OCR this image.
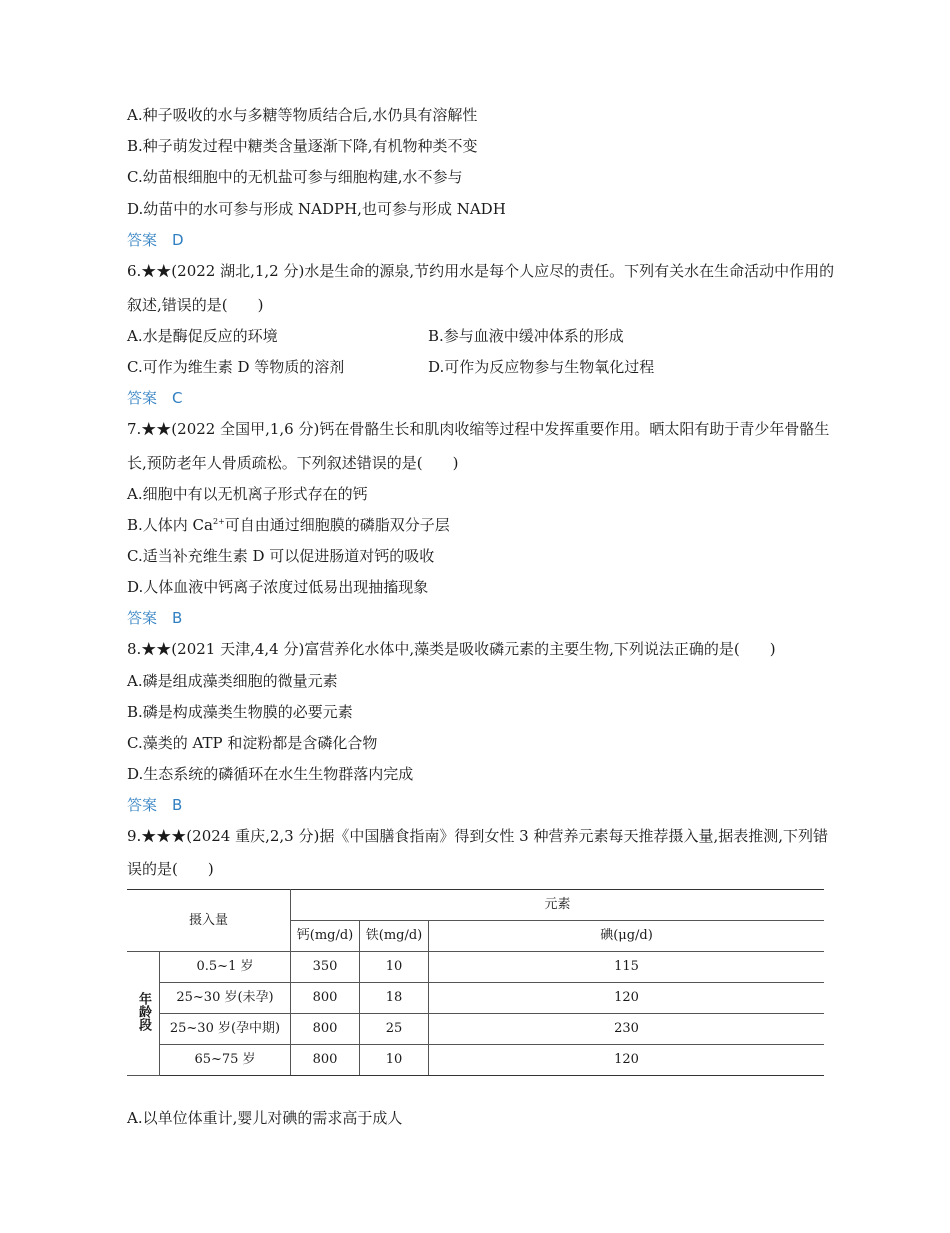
A.种子吸收的水与多糖等物质结合后,水仍具有溶解性
B.种子萌发过程中糖类含量逐渐下降,有机物种类不变
C.幼苗根细胞中的无机盐可参与细胞构建,水不参与
D.幼苗中的水可参与形成 NADPH,也可参与形成 NADH
答案　D
6.★★(2022 湖北,1,2 分)水是生命的源泉,节约用水是每个人应尽的责任。下列有关水在生命活动中作用的
叙述,错误的是(　　)
A.水是酶促反应的环境	B.参与血液中缓冲体系的形成
C.可作为维生素 D 等物质的溶剂	D.可作为反应物参与生物氧化过程
答案　C
7.★★(2022 全国甲,1,6 分)钙在骨骼生长和肌肉收缩等过程中发挥重要作用。晒太阳有助于青少年骨骼生
长,预防老年人骨质疏松。下列叙述错误的是(　　)
A.细胞中有以无机离子形式存在的钙
B.人体内 $Ca^{2+}$可自由通过细胞膜的磷脂双分子层
C.适当补充维生素 D 可以促进肠道对钙的吸收
D.人体血液中钙离子浓度过低易出现抽搐现象
答案　B
8.★★(2021 天津,4,4 分)富营养化水体中,藻类是吸收磷元素的主要生物,下列说法正确的是(　　)
A.磷是组成藻类细胞的微量元素
B.磷是构成藻类生物膜的必要元素
C.藻类的 ATP 和淀粉都是含磷化合物
D.生态系统的磷循环在水生生物群落内完成
答案　B
9.★★★(2024 重庆,2,3 分)据《中国膳食指南》得到女性 3 种营养元素每天推荐摄入量,据表推测,下列错
误的是(　　)
摄入量		元素		
		钙(mg/d)	铁(mg/d)	碘(μg/d)
年龄段	0.5~1 岁	350	10	115
	25~30 岁(未孕)	800	18	120
	25~30 岁(孕中期)	800	25	230
	65~75 岁	800	10	120
A.以单位体重计,婴儿对碘的需求高于成人
